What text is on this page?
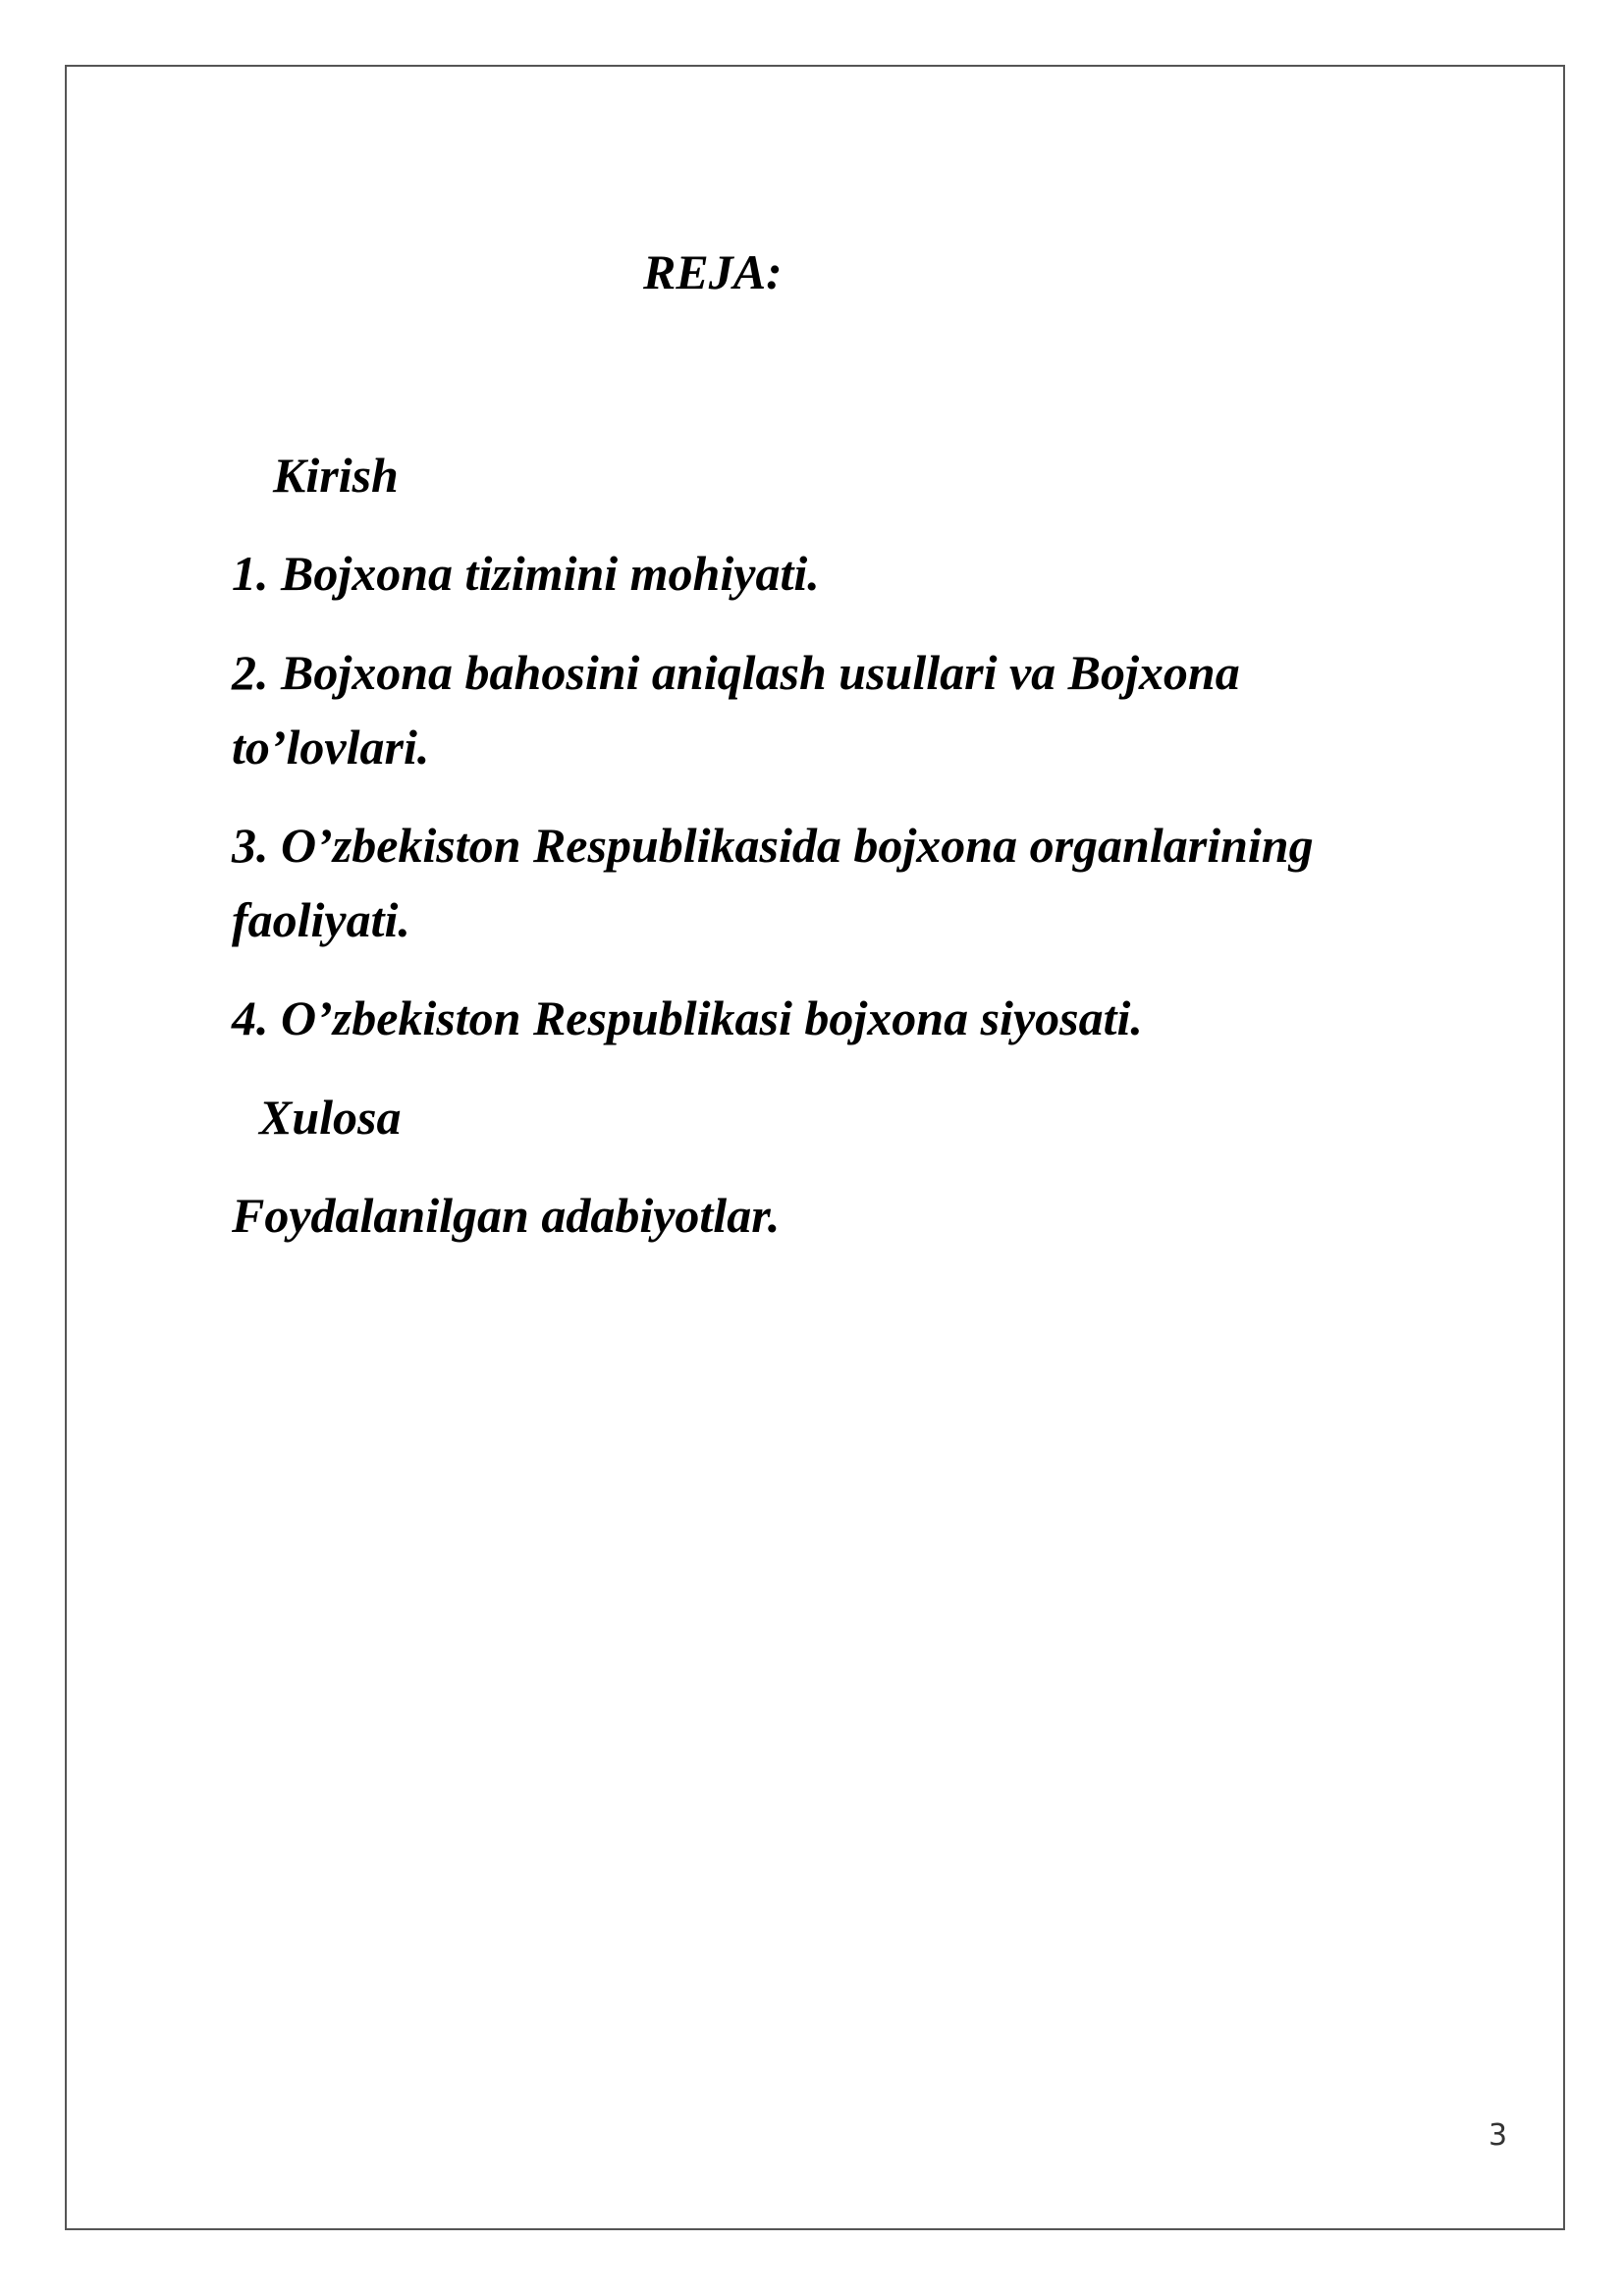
REJA:
Kirish
1. Bojxona tizimini mohiyati.
2. Bojxona bahosini aniqlash usullari va Bojxona
to’lovlari.
3. O’zbekiston Respublikasida bojxona organlarining
faoliyati.
4. O’zbekiston Respublikasi bojxona siyosati.
Xulosa
Foydalanilgan adabiyotlar.
3
